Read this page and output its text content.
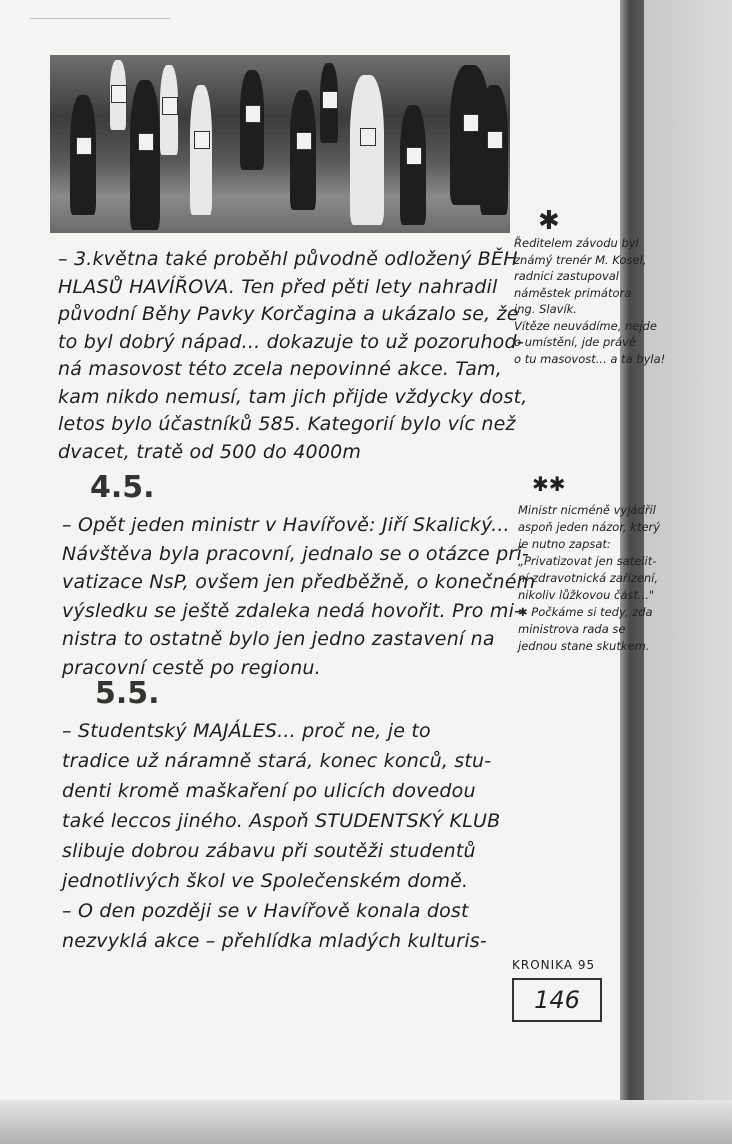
– 3.května také proběhl původně odložený BĚH
HLASŮ HAVÍŘOVA. Ten před pěti lety nahradil
původní Běhy Pavky Korčagina a ukázalo se, že
to byl dobrý nápad... dokazuje to už pozoruhod-
ná masovost této zcela nepovinné akce. Tam,
kam nikdo nemusí, tam jich přijde vždycky dost,
letos bylo účastníků 585. Kategorií bylo víc než
dvacet, tratě od 500 do 4000m
4.5.
– Opět jeden ministr v Havířově: Jiří Skalický...
Návštěva byla pracovní, jednalo se o otázce pri-
vatizace NsP, ovšem jen předběžně, o konečném
výsledku se ještě zdaleka nedá hovořit. Pro mi-
nistra to ostatně bylo jen jedno zastavení na
pracovní cestě po regionu.
5.5.
– Studentský MAJÁLES... proč ne, je to
tradice už náramně stará, konec konců, stu-
denti kromě maškaření po ulicích dovedou
také leccos jiného. Aspoň STUDENTSKÝ KLUB
slibuje dobrou zábavu při soutěži studentů
jednotlivých škol ve Společenském domě.
– O den později se v Havířově konala dost
nezvyklá akce – přehlídka mladých kulturis-
✱
Ředitelem závodu byl
známý trenér M. Kosel,
radnici zastupoval
náměstek primátora
ing. Slavík.
Vítěze neuvádíme, nejde
o umístění, jde právě
o tu masovost... a ta byla!
✱✱
Ministr nicméně vyjádřil
aspoň jeden názor, který
je nutno zapsat:
„Privatizovat jen satelit-
ní zdravotnická zařízení,
nikoliv lůžkovou část..."
✱ Počkáme si tedy, zda
ministrova rada se
jednou stane skutkem.
KRONIKA 95
146
